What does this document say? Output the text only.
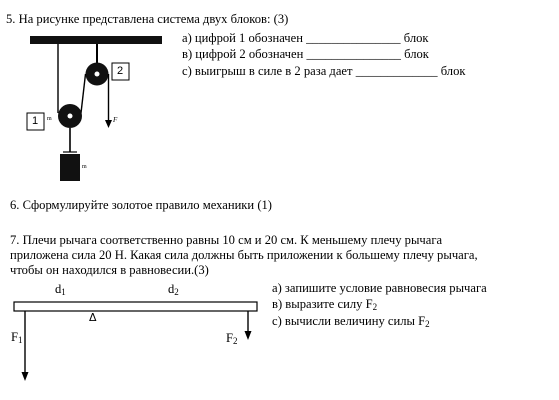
5. На рисунке представлена система двух блоков: (3)
а) цифрой 1 обозначен _______________ блок
в) цифрой 2 обозначен _______________ блок
с) выигрыш в силе в 2 раза дает _____________ блок
1
2
F
m
m
6. Сформулируйте золотое правило механики (1)
7. Плечи рычага соответственно равны 10 см и 20 см. К меньшему плечу рычага
приложена сила 20 Н. Какая сила должны быть приложении к большему плечу рычага,
чтобы он находился в равновесии.(3)
$d_1$	$d_2$
Δ
$F_1$	$F_2$
а) запишите условие равновесия рычага
в) выразите силу $F_2$
с) вычисли величину силы $F_2$
